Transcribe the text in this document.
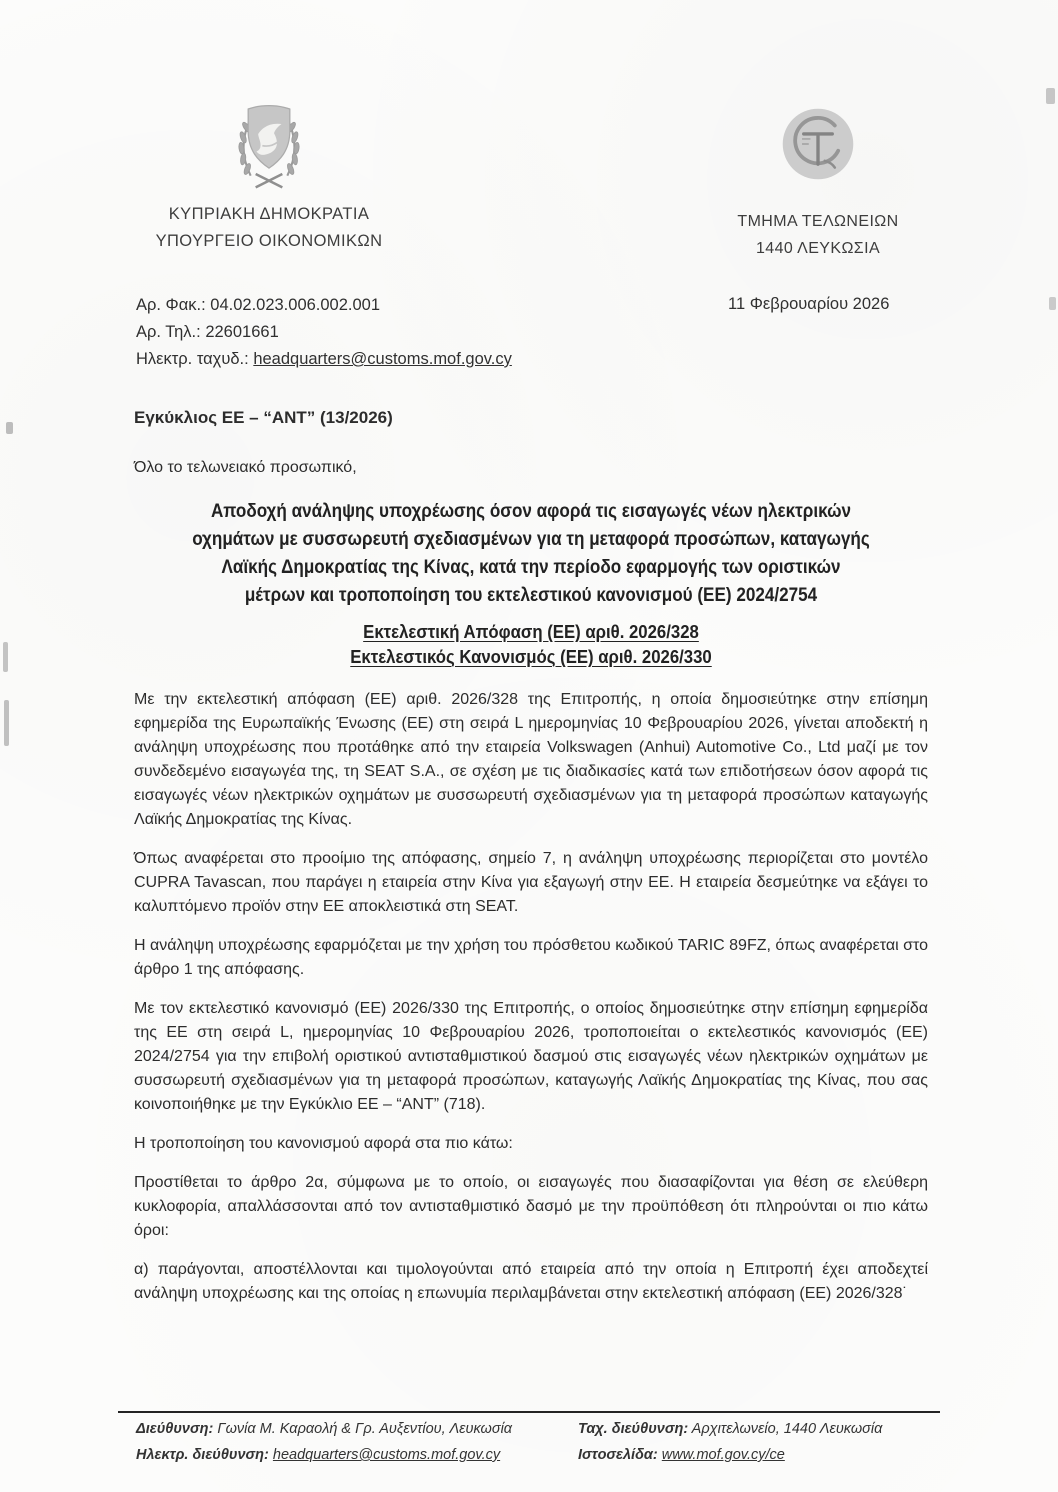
ΚΥΠΡΙΑΚΗ ΔΗΜΟΚΡΑΤΙΑ
ΥΠΟΥΡΓΕΙΟ ΟΙΚΟΝΟΜΙΚΩΝ
ΤΜΗΜΑ ΤΕΛΩΝΕΙΩΝ
1440 ΛΕΥΚΩΣΙΑ
Αρ. Φακ.: 04.02.023.006.002.001
Αρ. Τηλ.: 22601661
Ηλεκτρ. ταχυδ.: headquarters@customs.mof.gov.cy
11 Φεβρουαρίου 2026
Εγκύκλιος ΕΕ – “ΑΝΤ” (13/2026)
Όλο το τελωνειακό προσωπικό,
Αποδοχή ανάληψης υποχρέωσης όσον αφορά τις εισαγωγές νέων ηλεκτρικών
οχημάτων με συσσωρευτή σχεδιασμένων για τη μεταφορά προσώπων, καταγωγής
Λαϊκής Δημοκρατίας της Κίνας, κατά την περίοδο εφαρμογής των οριστικών
μέτρων και τροποποίηση του εκτελεστικού κανονισμού (ΕΕ) 2024/2754
Εκτελεστική Απόφαση (ΕΕ) αριθ. 2026/328
Εκτελεστικός Κανονισμός (ΕΕ) αριθ. 2026/330
Με την εκτελεστική απόφαση (ΕΕ) αριθ. 2026/328 της Επιτροπής, η οποία δημοσιεύτηκε στην επίσημη εφημερίδα της Ευρωπαϊκής Ένωσης (ΕΕ) στη σειρά L ημερομηνίας 10 Φεβρουαρίου 2026, γίνεται αποδεκτή η ανάληψη υποχρέωσης που προτάθηκε από την εταιρεία Volkswagen (Anhui) Automotive Co., Ltd μαζί με τον συνδεδεμένο εισαγωγέα της, τη SEAT S.A., σε σχέση με τις διαδικασίες κατά των επιδοτήσεων όσον αφορά τις εισαγωγές νέων ηλεκτρικών οχημάτων με συσσωρευτή σχεδιασμένων για τη μεταφορά προσώπων καταγωγής Λαϊκής Δημοκρατίας της Κίνας.
Όπως αναφέρεται στο προοίμιο της απόφασης, σημείο 7, η ανάληψη υποχρέωσης περιορίζεται στο μοντέλο CUPRA Tavascan, που παράγει η εταιρεία στην Κίνα για εξαγωγή στην ΕΕ. Η εταιρεία δεσμεύτηκε να εξάγει το καλυπτόμενο προϊόν στην ΕΕ αποκλειστικά στη SEAT.
Η ανάληψη υποχρέωσης εφαρμόζεται με την χρήση του πρόσθετου κωδικού TARIC 89FZ, όπως αναφέρεται στο άρθρο 1 της απόφασης.
Με τον εκτελεστικό κανονισμό (ΕΕ) 2026/330 της Επιτροπής, ο οποίος δημοσιεύτηκε στην επίσημη εφημερίδα της ΕΕ στη σειρά L, ημερομηνίας 10 Φεβρουαρίου 2026, τροποποιείται ο εκτελεστικός κανονισμός (ΕΕ) 2024/2754 για την επιβολή οριστικού αντισταθμιστικού δασμού στις εισαγωγές νέων ηλεκτρικών οχημάτων με συσσωρευτή σχεδιασμένων για τη μεταφορά προσώπων, καταγωγής Λαϊκής Δημοκρατίας της Κίνας, που σας κοινοποιήθηκε με την Εγκύκλιο ΕΕ – “ΑΝΤ” (718).
Η τροποποίηση του κανονισμού αφορά στα πιο κάτω:
Προστίθεται το άρθρο 2α, σύμφωνα με το οποίο, οι εισαγωγές που διασαφίζονται για θέση σε ελεύθερη κυκλοφορία, απαλλάσσονται από τον αντισταθμιστικό δασμό με την προϋπόθεση ότι πληρούνται οι πιο κάτω όροι:
α) παράγονται, αποστέλλονται και τιμολογούνται από εταιρεία από την οποία η Επιτροπή έχει αποδεχτεί ανάληψη υποχρέωσης και της οποίας η επωνυμία περιλαμβάνεται στην εκτελεστική απόφαση (ΕΕ) 2026/328˙
Διεύθυνση: Γωνία Μ. Καραολή & Γρ. Αυξεντίου, Λευκωσία	Ταχ. διεύθυνση: Αρχιτελωνείο, 1440 Λευκωσία
Ηλεκτρ. διεύθυνση: headquarters@customs.mof.gov.cy	Ιστοσελίδα: www.mof.gov.cy/ce
